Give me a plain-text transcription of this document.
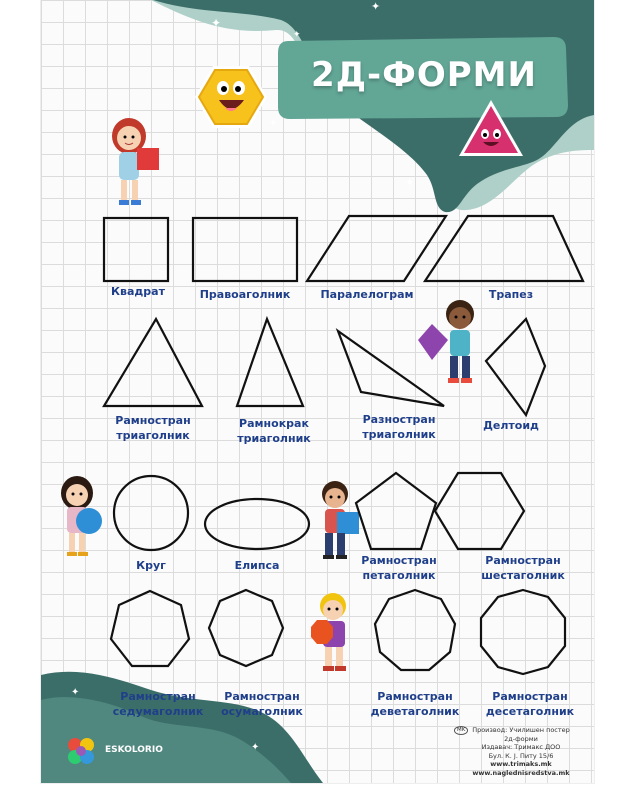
✦
✦
✦
✦
✦
✦
✦
2Д-ФОРМИ
Квадрат	Правоаголник	Паралелограм	Трапез
Рамностран
триаголник
Рамнокрак
триаголник
Разностран
триаголник
Делтоид
Круг	Елипса	Рамностран
петаголник
Рамностран
шестаголник
Рамностран
седумаголник
Рамностран
осумаголник
Рамностран
деветаголник
Рамностран
десетаголник
ESKOLORIO
MK	Производ: Училишен постер
2д-форми
Издавач: Тримакс ДОО
Бул. К. Ј. Питу 15/6
www.trimaks.mk
www.naglednisredstva.mk
